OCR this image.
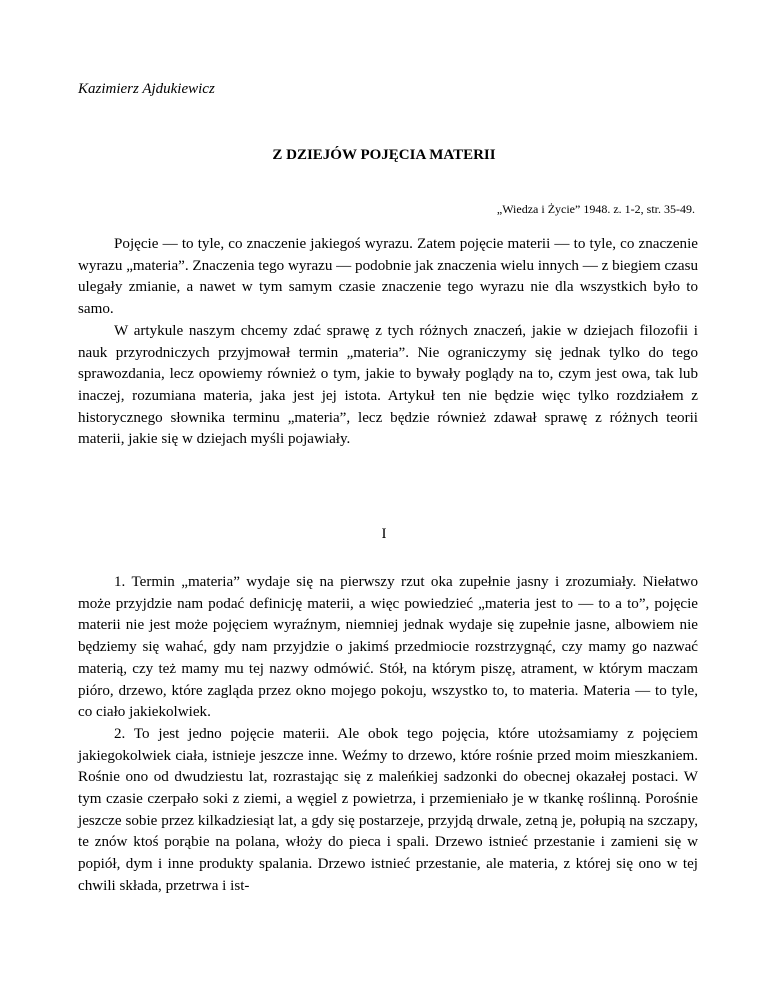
Kazimierz Ajdukiewicz

Z DZIEJÓW POJĘCIA MATERII

„Wiedza i Życie” 1948. z. 1-2, str. 35-49.

Pojęcie — to tyle, co znaczenie jakiegoś wyrazu. Zatem pojęcie materii — to tyle, co znaczenie wyrazu „materia”. Znaczenia tego wyrazu — podobnie jak znaczenia wielu innych — z biegiem czasu ulegały zmianie, a nawet w tym samym czasie znaczenie tego wyrazu nie dla wszystkich było to samo.

W artykule naszym chcemy zdać sprawę z tych różnych znaczeń, jakie w dziejach filozofii i nauk przyrodniczych przyjmował termin „materia”. Nie ograniczymy się jednak tylko do tego sprawozdania, lecz opowiemy również o tym, jakie to bywały poglądy na to, czym jest owa, tak lub inaczej, rozumiana materia, jaka jest jej istota. Artykuł ten nie będzie więc tylko rozdziałem z historycznego słownika terminu „materia”, lecz będzie również zdawał sprawę z różnych teorii materii, jakie się w dziejach myśli pojawiały.

I

1. Termin „materia” wydaje się na pierwszy rzut oka zupełnie jasny i zrozumiały. Niełatwo może przyjdzie nam podać definicję materii, a więc powiedzieć „materia jest to — to a to”, pojęcie materii nie jest może pojęciem wyraźnym, niemniej jednak wydaje się zupełnie jasne, albowiem nie będziemy się wahać, gdy nam przyjdzie o jakimś przedmiocie rozstrzygnąć, czy mamy go nazwać materią, czy też mamy mu tej nazwy odmówić. Stół, na którym piszę, atrament, w którym maczam pióro, drzewo, które zagląda przez okno mojego pokoju, wszystko to, to materia. Materia — to tyle, co ciało jakiekolwiek.

2. To jest jedno pojęcie materii. Ale obok tego pojęcia, które utożsamiamy z pojęciem jakiegokolwiek ciała, istnieje jeszcze inne. Weźmy to drzewo, które rośnie przed moim mieszkaniem. Rośnie ono od dwudziestu lat, rozrastając się z maleńkiej sadzonki do obecnej okazałej postaci. W tym czasie czerpało soki z ziemi, a węgiel z powietrza, i przemieniało je w tkankę roślinną. Porośnie jeszcze sobie przez kilkadziesiąt lat, a gdy się postarzeje, przyjdą drwale, zetną je, połupią na szczapy, te znów ktoś porąbie na polana, włoży do pieca i spali. Drzewo istnieć przestanie i zamieni się w popiół, dym i inne produkty spalania. Drzewo istnieć przestanie, ale materia, z której się ono w tej chwili składa, przetrwa i ist-
